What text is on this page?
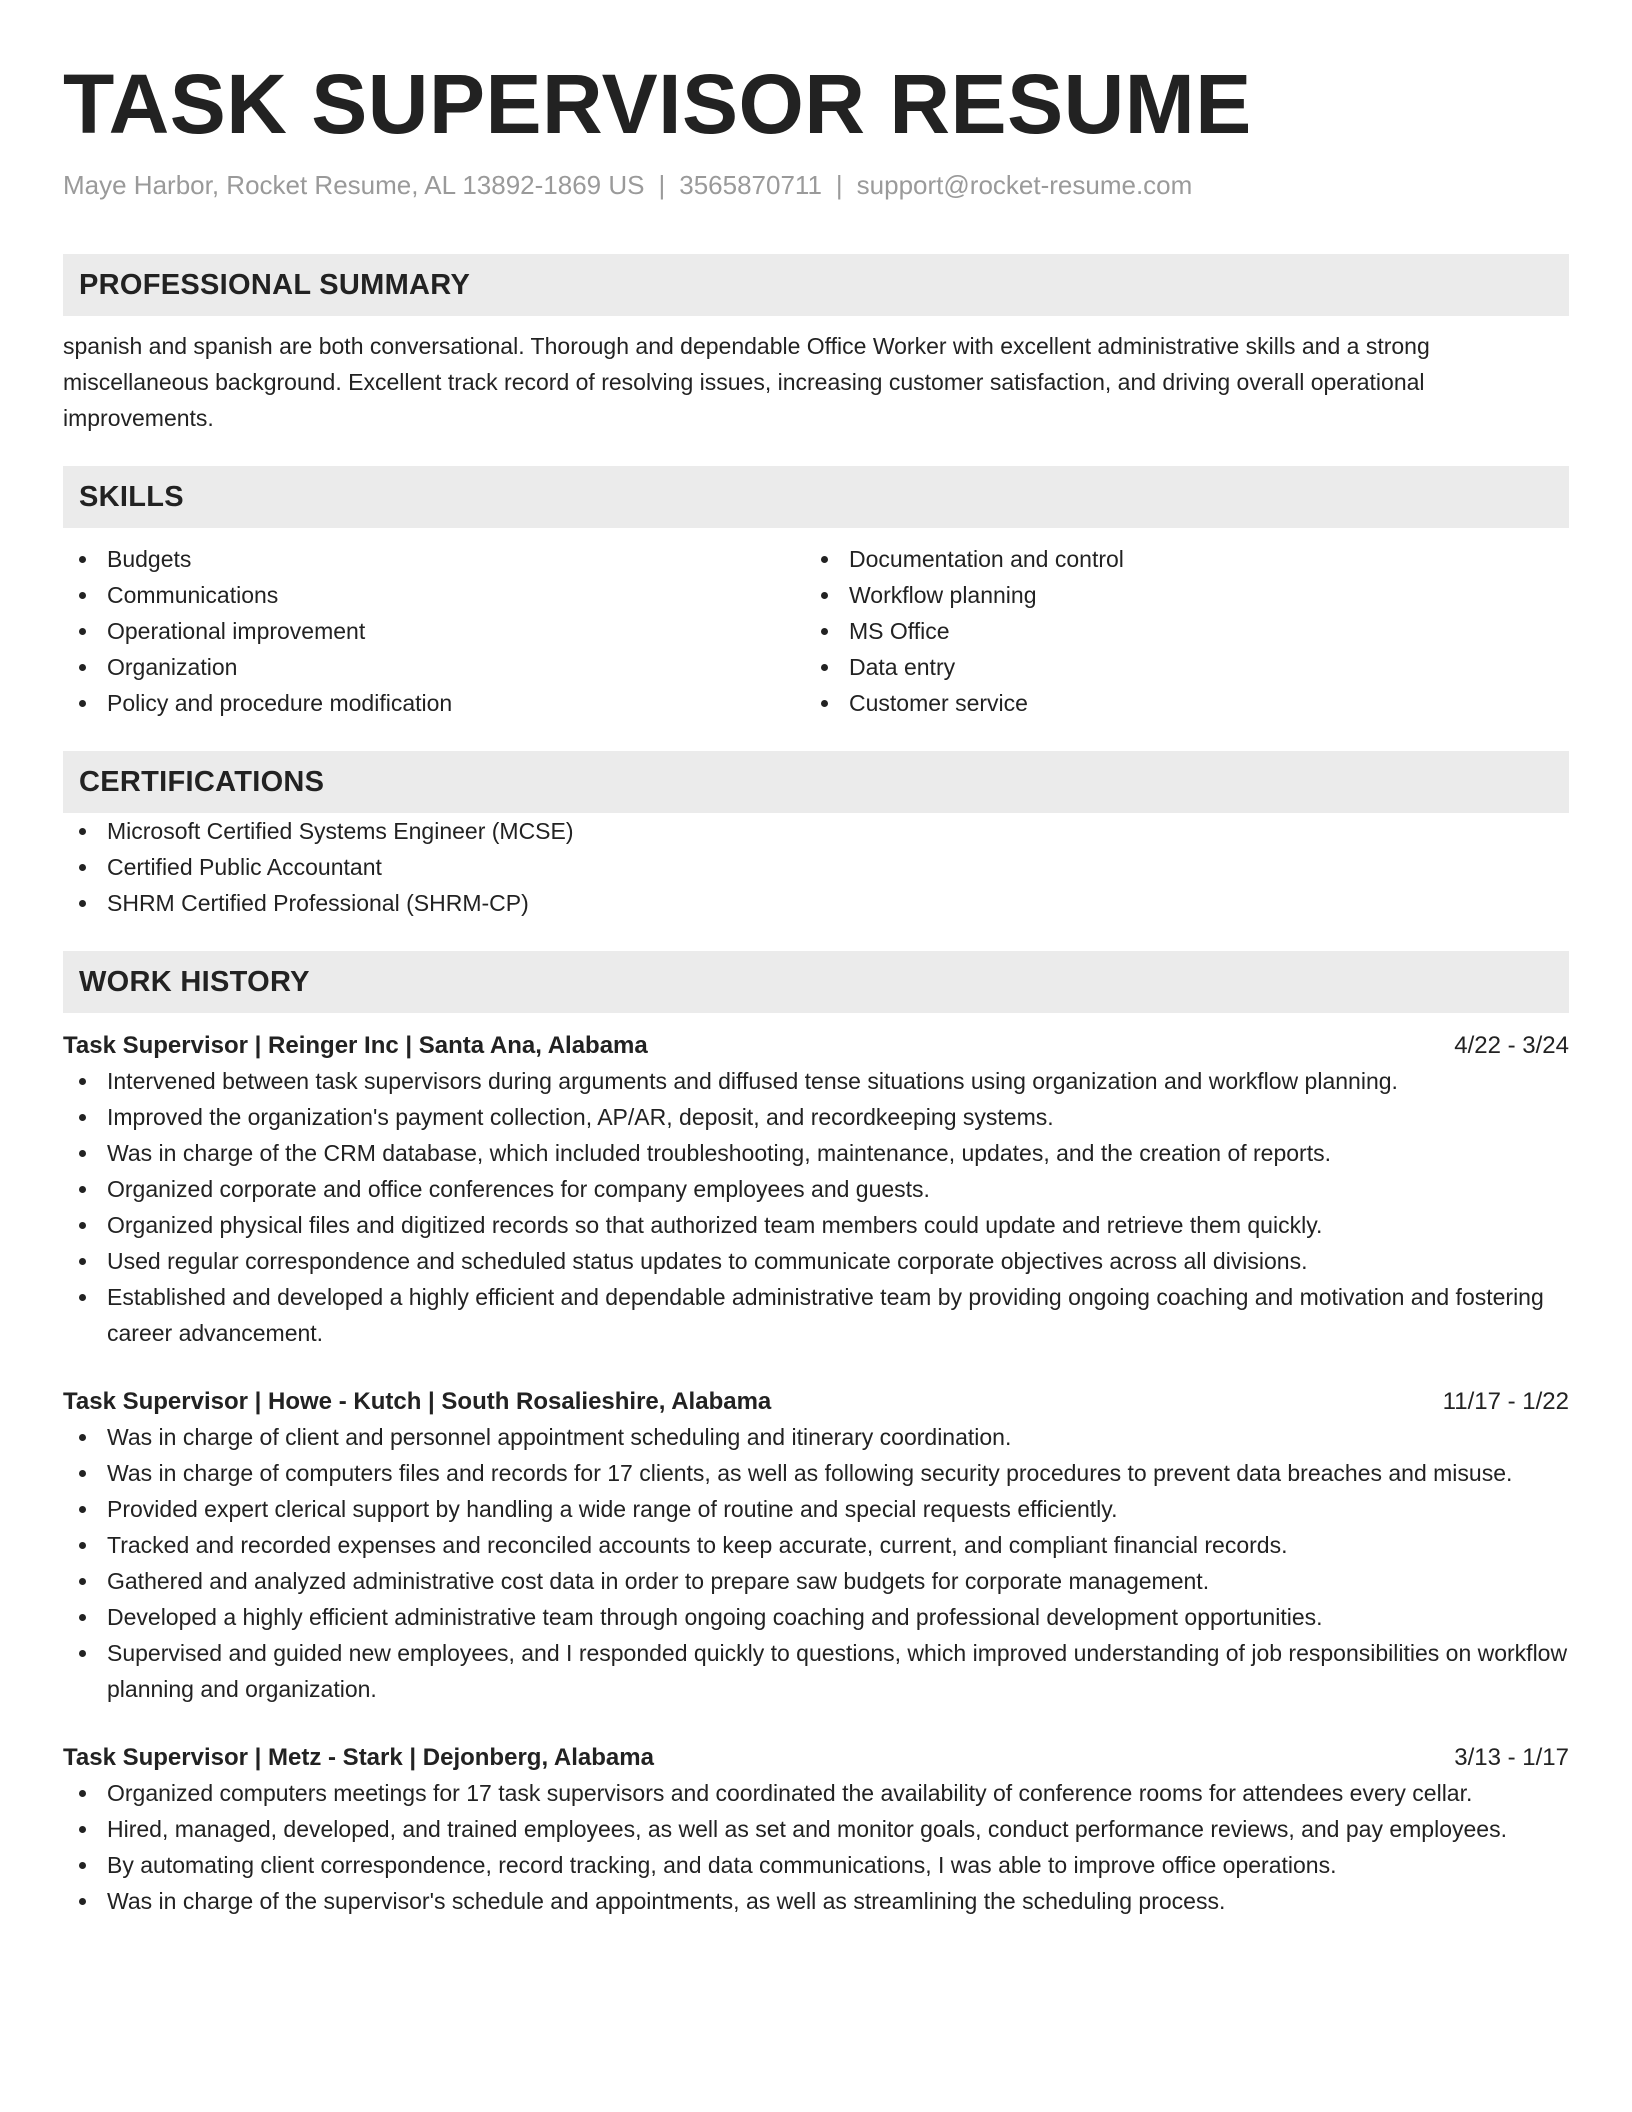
TASK SUPERVISOR RESUME
Maye Harbor, Rocket Resume, AL 13892-1869 US | 3565870711 | support@rocket-resume.com
PROFESSIONAL SUMMARY

spanish and spanish are both conversational. Thorough and dependable Office Worker with excellent administrative skills and a strong miscellaneous background. Excellent track record of resolving issues, increasing customer satisfaction, and driving overall operational improvements.

SKILLS
Budgets
Communications
Operational improvement
Organization
Policy and procedure modification
Documentation and control
Workflow planning
MS Office
Data entry
Customer service
CERTIFICATIONS
Microsoft Certified Systems Engineer (MCSE)
Certified Public Accountant
SHRM Certified Professional (SHRM-CP)
WORK HISTORY
Task Supervisor | Reinger Inc | Santa Ana, Alabama	4/22 - 3/24
Intervened between task supervisors during arguments and diffused tense situations using organization and workflow planning.
Improved the organization's payment collection, AP/AR, deposit, and recordkeeping systems.
Was in charge of the CRM database, which included troubleshooting, maintenance, updates, and the creation of reports.
Organized corporate and office conferences for company employees and guests.
Organized physical files and digitized records so that authorized team members could update and retrieve them quickly.
Used regular correspondence and scheduled status updates to communicate corporate objectives across all divisions.
Established and developed a highly efficient and dependable administrative team by providing ongoing coaching and motivation and fostering career advancement.
Task Supervisor | Howe - Kutch | South Rosalieshire, Alabama	11/17 - 1/22
Was in charge of client and personnel appointment scheduling and itinerary coordination.
Was in charge of computers files and records for 17 clients, as well as following security procedures to prevent data breaches and misuse.
Provided expert clerical support by handling a wide range of routine and special requests efficiently.
Tracked and recorded expenses and reconciled accounts to keep accurate, current, and compliant financial records.
Gathered and analyzed administrative cost data in order to prepare saw budgets for corporate management.
Developed a highly efficient administrative team through ongoing coaching and professional development opportunities.
Supervised and guided new employees, and I responded quickly to questions, which improved understanding of job responsibilities on workflow planning and organization.
Task Supervisor | Metz - Stark | Dejonberg, Alabama	3/13 - 1/17
Organized computers meetings for 17 task supervisors and coordinated the availability of conference rooms for attendees every cellar.
Hired, managed, developed, and trained employees, as well as set and monitor goals, conduct performance reviews, and pay employees.
By automating client correspondence, record tracking, and data communications, I was able to improve office operations.
Was in charge of the supervisor's schedule and appointments, as well as streamlining the scheduling process.
